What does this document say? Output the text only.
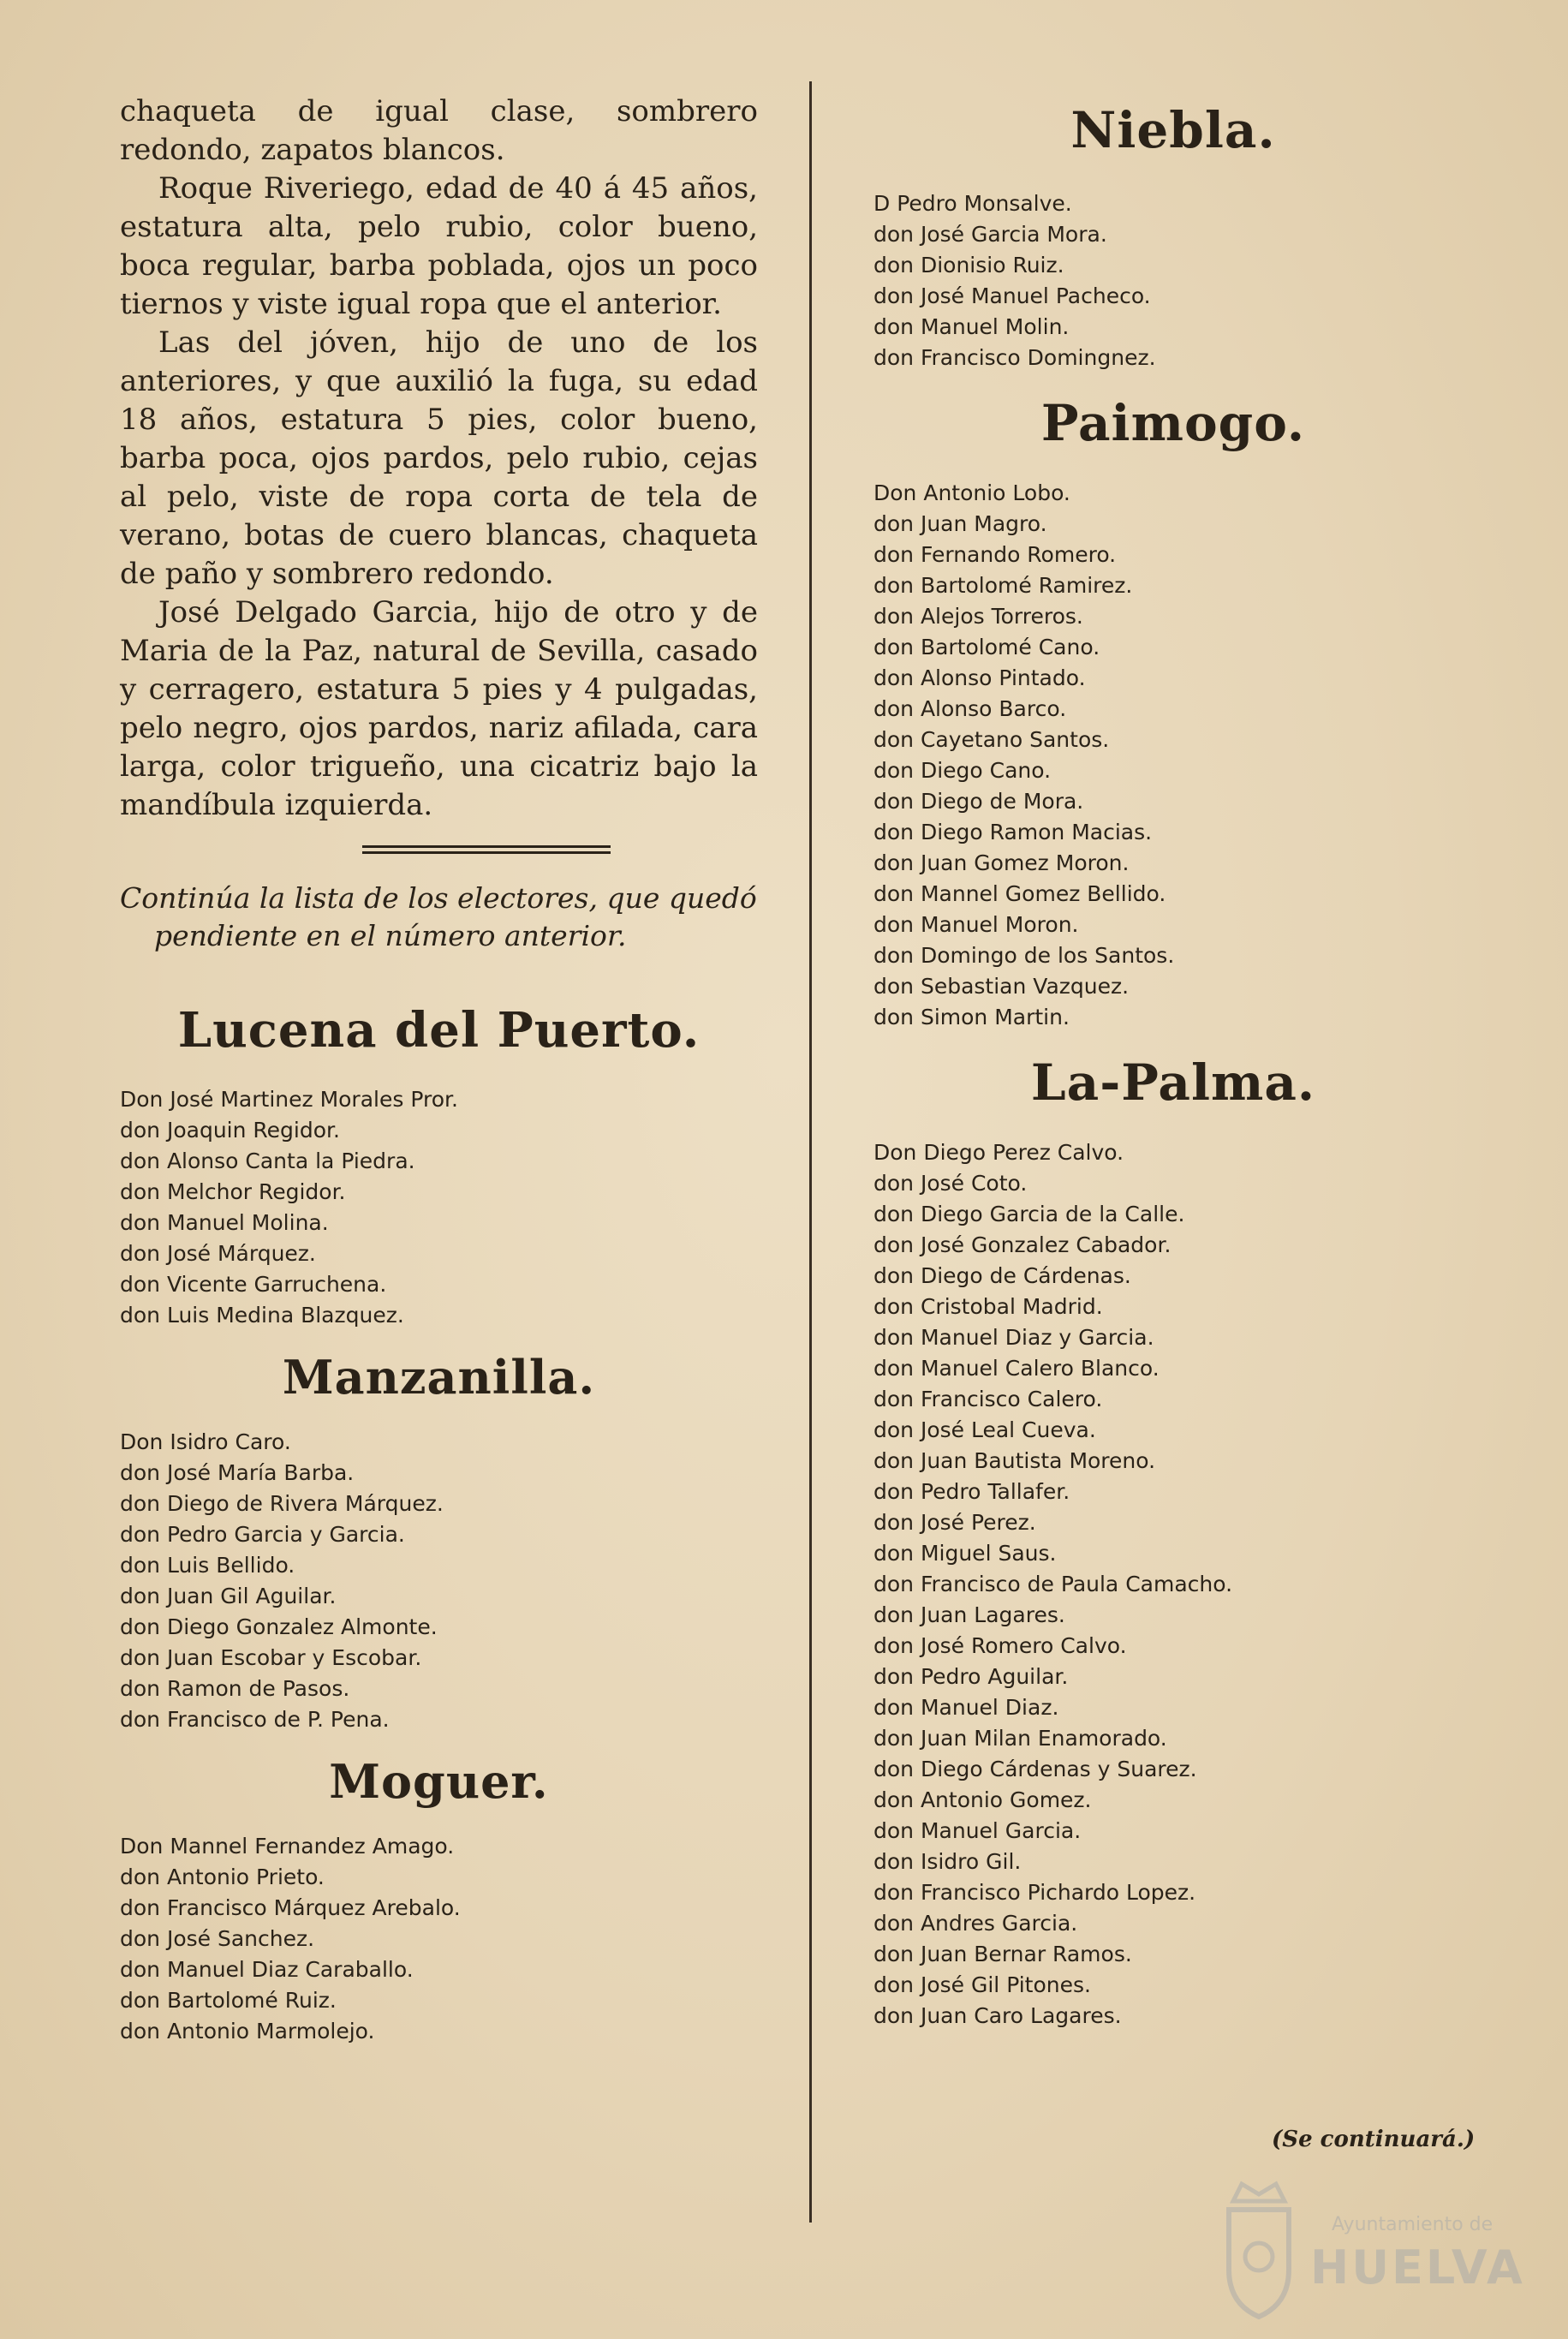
chaqueta de igual clase, sombrero redondo, zapatos blancos.

Roque Riveriego, edad de 40 á 45 años, estatura alta, pelo rubio, color bueno, boca regular, barba poblada, ojos un poco tiernos y viste igual ropa que el anterior.

Las del jóven, hijo de uno de los anteriores, y que auxilió la fuga, su edad 18 años, estatura 5 pies, color bueno, barba poca, ojos pardos, pelo rubio, cejas al pelo, viste de ropa corta de tela de verano, botas de cuero blancas, chaqueta de paño y sombrero redondo.

José Delgado Garcia, hijo de otro y de Maria de la Paz, natural de Sevilla, casado y cerragero, estatura 5 pies y 4 pulgadas, pelo negro, ojos pardos, nariz afilada, cara larga, color trigueño, una cicatriz bajo la mandíbula izquierda.

Continúa la lista de los electores, que quedó
pendiente en el número anterior.

Lucena del Puerto.
Don José Martinez Morales Pror.
don Joaquin Regidor.
don Alonso Canta la Piedra.
don Melchor Regidor.
don Manuel Molina.
don José Márquez.
don Vicente Garruchena.
don Luis Medina Blazquez.
Manzanilla.
Don Isidro Caro.
don José María Barba.
don Diego de Rivera Márquez.
don Pedro Garcia y Garcia.
don Luis Bellido.
don Juan Gil Aguilar.
don Diego Gonzalez Almonte.
don Juan Escobar y Escobar.
don Ramon de Pasos.
don Francisco de P. Pena.
Moguer.
Don Mannel Fernandez Amago.
don Antonio Prieto.
don Francisco Márquez Arebalo.
don José Sanchez.
don Manuel Diaz Caraballo.
don Bartolomé Ruiz.
don Antonio Marmolejo.
Niebla.
D Pedro Monsalve.
don José Garcia Mora.
don Dionisio Ruiz.
don José Manuel Pacheco.
don Manuel Molin.
don Francisco Domingnez.
Paimogo.
Don Antonio Lobo.
don Juan Magro.
don Fernando Romero.
don Bartolomé Ramirez.
don Alejos Torreros.
don Bartolomé Cano.
don Alonso Pintado.
don Alonso Barco.
don Cayetano Santos.
don Diego Cano.
don Diego de Mora.
don Diego Ramon Macias.
don Juan Gomez Moron.
don Mannel Gomez Bellido.
don Manuel Moron.
don Domingo de los Santos.
don Sebastian Vazquez.
don Simon Martin.
La-Palma.
Don Diego Perez Calvo.
don José Coto.
don Diego Garcia de la Calle.
don José Gonzalez Cabador.
don Diego de Cárdenas.
don Cristobal Madrid.
don Manuel Diaz y Garcia.
don Manuel Calero Blanco.
don Francisco Calero.
don José Leal Cueva.
don Juan Bautista Moreno.
don Pedro Tallafer.
don José Perez.
don Miguel Saus.
don Francisco de Paula Camacho.
don Juan Lagares.
don José Romero Calvo.
don Pedro Aguilar.
don Manuel Diaz.
don Juan Milan Enamorado.
don Diego Cárdenas y Suarez.
don Antonio Gomez.
don Manuel Garcia.
don Isidro Gil.
don Francisco Pichardo Lopez.
don Andres Garcia.
don Juan Bernar Ramos.
don José Gil Pitones.
don Juan Caro Lagares.
(Se continuará.)
Ayuntamiento de
HUELVA
